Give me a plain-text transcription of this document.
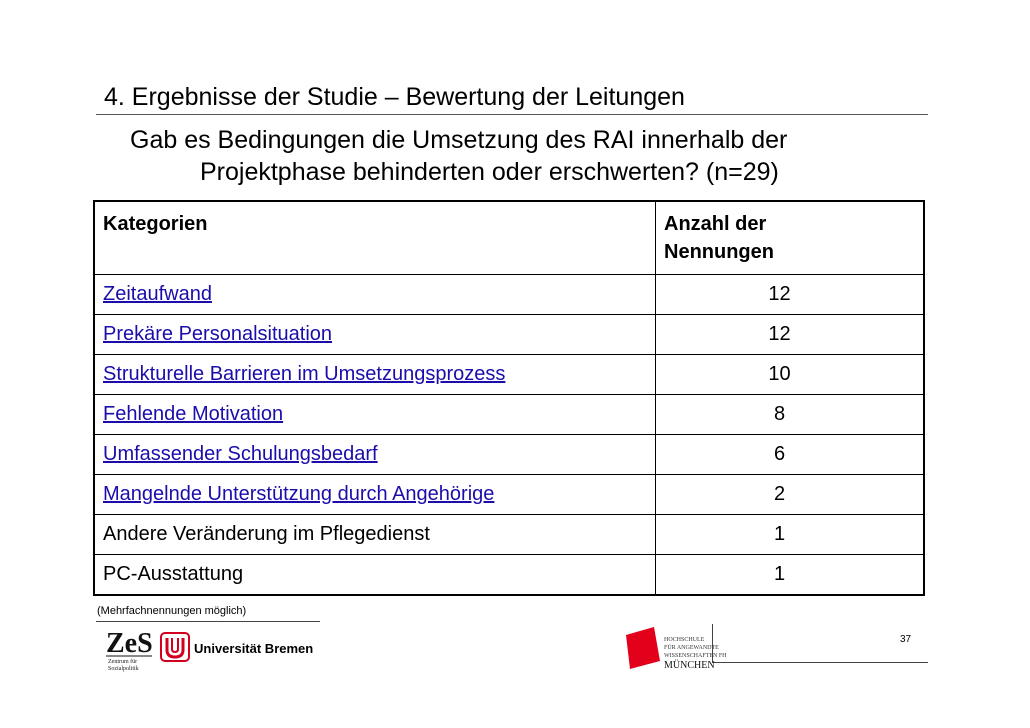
4. Ergebnisse der Studie – Bewertung der Leitungen
Gab es Bedingungen die Umsetzung des RAI innerhalb der
Projektphase behinderten oder erschwerten? (n=29)
Kategorien	Anzahl der
Nennungen
Zeitaufwand	12
Prekäre Personalsituation	12
Strukturelle Barrieren im Umsetzungsprozess	10
Fehlende Motivation	8
Umfassender Schulungsbedarf	6
Mangelnde Unterstützung durch Angehörige	2
Andere Veränderung im Pflegedienst	1
PC-Ausstattung	1
(Mehrfachnennungen möglich)
ZeS
Zentrum für
Sozialpolitik
Universität Bremen
HOCHSCHULE
FÜR ANGEWANDTE
WISSENSCHAFTEN FH
MÜNCHEN
37
